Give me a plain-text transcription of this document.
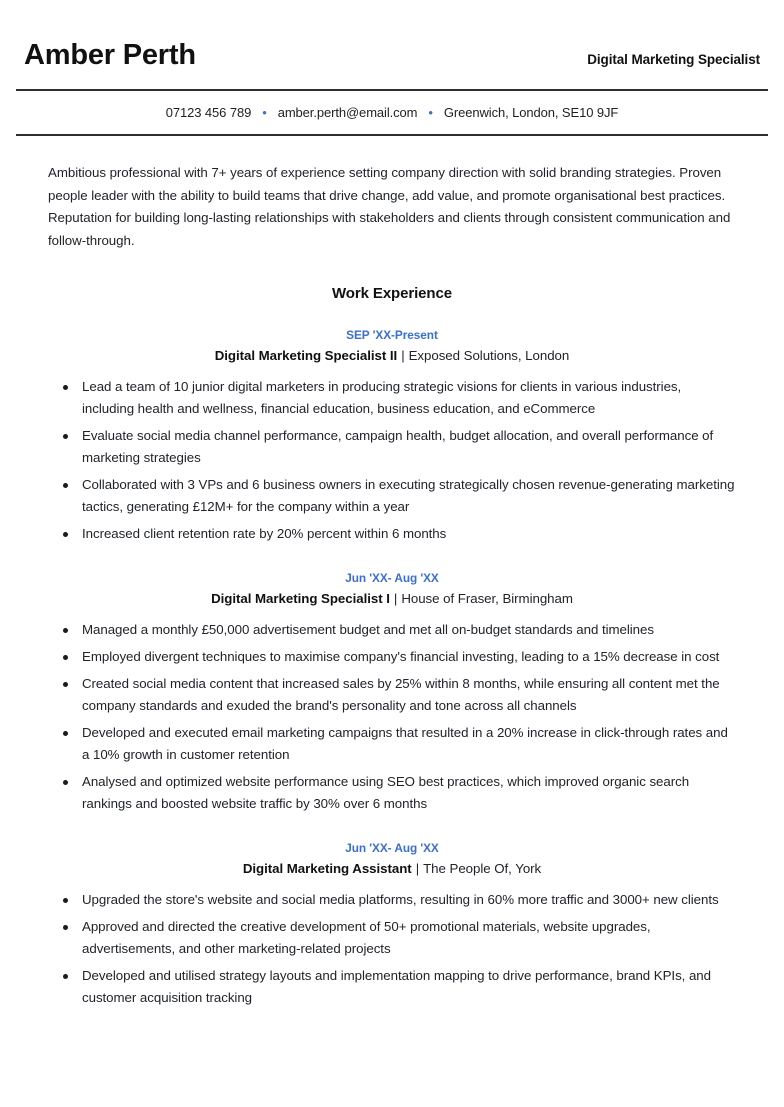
Amber Perth	Digital Marketing Specialist
07123 456 789 • amber.perth@email.com • Greenwich, London, SE10 9JF
Ambitious professional with 7+ years of experience setting company direction with solid branding strategies. Proven people leader with the ability to build teams that drive change, add value, and promote organisational best practices. Reputation for building long-lasting relationships with stakeholders and clients through consistent communication and follow-through.
Work Experience
SEP 'XX-Present
Digital Marketing Specialist II | Exposed Solutions, London
Lead a team of 10 junior digital marketers in producing strategic visions for clients in various industries, including health and wellness, financial education, business education, and eCommerce
Evaluate social media channel performance, campaign health, budget allocation, and overall performance of marketing strategies
Collaborated with 3 VPs and 6 business owners in executing strategically chosen revenue-generating marketing tactics, generating £12M+ for the company within a year
Increased client retention rate by 20% percent within 6 months
Jun 'XX- Aug 'XX
Digital Marketing Specialist I | House of Fraser, Birmingham
Managed a monthly £50,000 advertisement budget and met all on-budget standards and timelines
Employed divergent techniques to maximise company's financial investing, leading to a 15% decrease in cost
Created social media content that increased sales by 25% within 8 months, while ensuring all content met the company standards and exuded the brand's personality and tone across all channels
Developed and executed email marketing campaigns that resulted in a 20% increase in click-through rates and a 10% growth in customer retention
Analysed and optimized website performance using SEO best practices, which improved organic search rankings and boosted website traffic by 30% over 6 months
Jun 'XX- Aug 'XX
Digital Marketing Assistant | The People Of, York
Upgraded the store's website and social media platforms, resulting in 60% more traffic and 3000+ new clients
Approved and directed the creative development of 50+ promotional materials, website upgrades, advertisements, and other marketing-related projects
Developed and utilised strategy layouts and implementation mapping to drive performance, brand KPIs, and customer acquisition tracking
